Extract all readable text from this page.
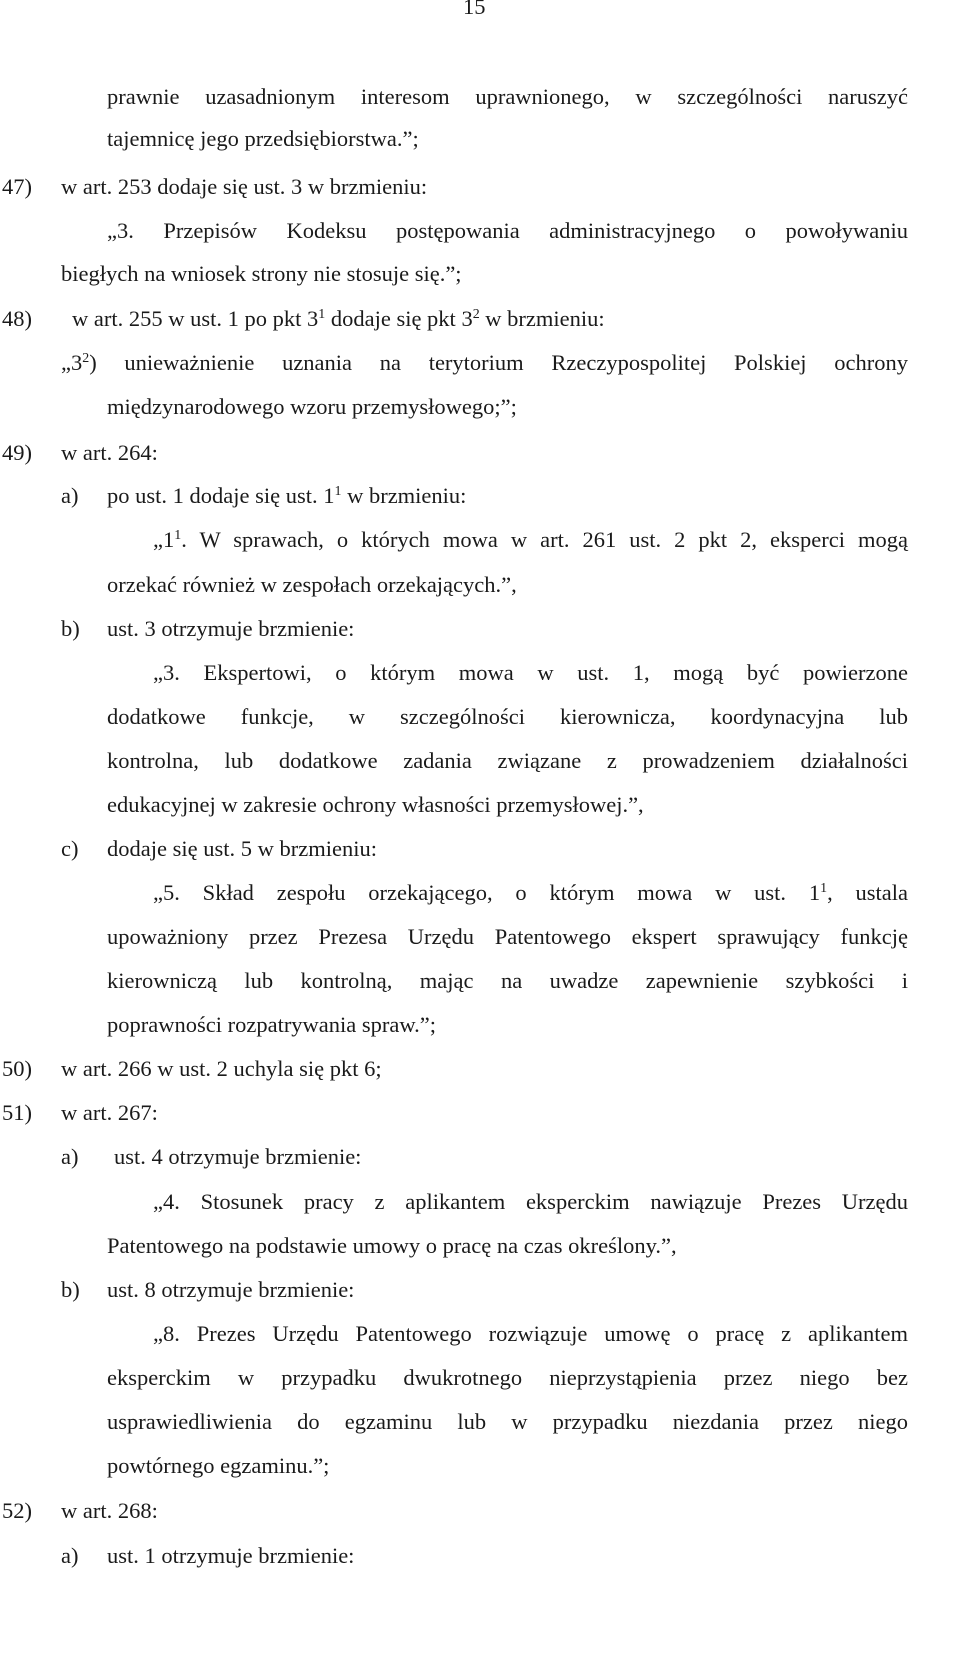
15
prawnie uzasadnionym interesom uprawnionego, w szczególności naruszyć
tajemnicę jego przedsiębiorstwa.”;
47) w art. 253 dodaje się ust. 3 w brzmieniu:
„3. Przepisów Kodeksu postępowania administracyjnego o powoływaniu
biegłych na wniosek strony nie stosuje się.”;
48) w art. 255 w ust. 1 po pkt $3^1$ dodaje się pkt $3^2$ w brzmieniu:
$„3^2$) unieważnienie uznania na terytorium Rzeczypospolitej Polskiej ochrony
międzynarodowego wzoru przemysłowego;”;
49) w art. 264:
a) po ust. 1 dodaje się ust. $1^1$ w brzmieniu:
$„1^1$. W sprawach, o których mowa w art. 261 ust. 2 pkt 2, eksperci mogą
orzekać również w zespołach orzekających.”,
b) ust. 3 otrzymuje brzmienie:
„3. Ekspertowi, o którym mowa w ust. 1, mogą być powierzone
dodatkowe funkcje, w szczególności kierownicza, koordynacyjna lub
kontrolna, lub dodatkowe zadania związane z prowadzeniem działalności
edukacyjnej w zakresie ochrony własności przemysłowej.”,
c) dodaje się ust. 5 w brzmieniu:
„5. Skład zespołu orzekającego, o którym mowa w ust. $1^1$, ustala
upoważniony przez Prezesa Urzędu Patentowego ekspert sprawujący funkcję
kierowniczą lub kontrolną, mając na uwadze zapewnienie szybkości i
poprawności rozpatrywania spraw.”;
50) w art. 266 w ust. 2 uchyla się pkt 6;
51) w art. 267:
a) ust. 4 otrzymuje brzmienie:
„4. Stosunek pracy z aplikantem eksperckim nawiązuje Prezes Urzędu
Patentowego na podstawie umowy o pracę na czas określony.”,
b) ust. 8 otrzymuje brzmienie:
„8. Prezes Urzędu Patentowego rozwiązuje umowę o pracę z aplikantem
eksperckim w przypadku dwukrotnego nieprzystąpienia przez niego bez
usprawiedliwienia do egzaminu lub w przypadku niezdania przez niego
powtórnego egzaminu.”;
52) w art. 268:
a) ust. 1 otrzymuje brzmienie:
